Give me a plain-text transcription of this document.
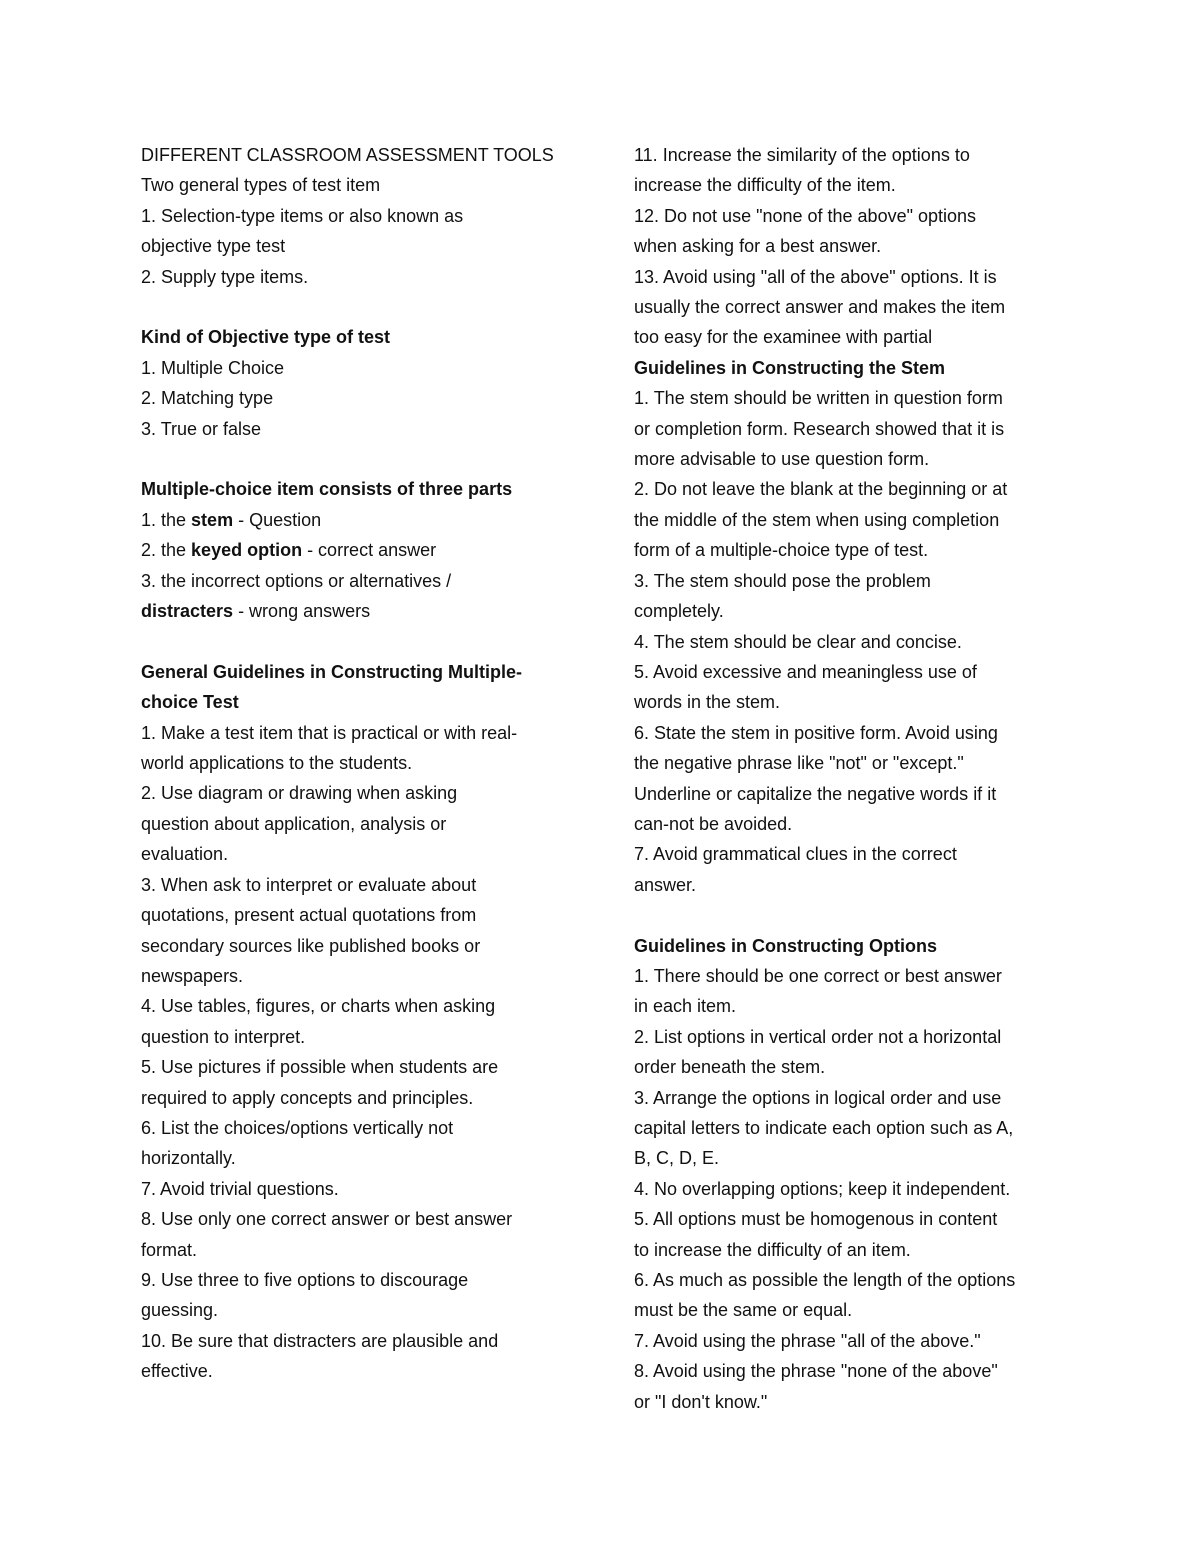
DIFFERENT CLASSROOM ASSESSMENT TOOLS
Two general types of test item
1. Selection-type items or also known as
objective type test
2. Supply type items.
Kind of Objective type of test
1. Multiple Choice
2. Matching type
3. True or false
Multiple-choice item consists of three parts
1. the stem - Question
2. the keyed option - correct answer
3. the incorrect options or alternatives /
distracters - wrong answers
General Guidelines in Constructing Multiple-
choice Test
1. Make a test item that is practical or with real-
world applications to the students.
2. Use diagram or drawing when asking
question about application, analysis or
evaluation.
3. When ask to interpret or evaluate about
quotations, present actual quotations from
secondary sources like published books or
newspapers.
4. Use tables, figures, or charts when asking
question to interpret.
5. Use pictures if possible when students are
required to apply concepts and principles.
6. List the choices/options vertically not
horizontally.
7. Avoid trivial questions.
8. Use only one correct answer or best answer
format.
9. Use three to five options to discourage
guessing.
10. Be sure that distracters are plausible and
effective.
11. Increase the similarity of the options to
increase the difficulty of the item.
12. Do not use "none of the above" options
when asking for a best answer.
13. Avoid using "all of the above" options. It is
usually the correct answer and makes the item
too easy for the examinee with partial
Guidelines in Constructing the Stem
1. The stem should be written in question form
or completion form. Research showed that it is
more advisable to use question form.
2. Do not leave the blank at the beginning or at
the middle of the stem when using completion
form of a multiple-choice type of test.
3. The stem should pose the problem
completely.
4. The stem should be clear and concise.
5. Avoid excessive and meaningless use of
words in the stem.
6. State the stem in positive form. Avoid using
the negative phrase like "not" or "except."
Underline or capitalize the negative words if it
can-not be avoided.
7. Avoid grammatical clues in the correct
answer.
Guidelines in Constructing Options
1. There should be one correct or best answer
in each item.
2. List options in vertical order not a horizontal
order beneath the stem.
3. Arrange the options in logical order and use
capital letters to indicate each option such as A,
B, C, D, E.
4. No overlapping options; keep it independent.
5. All options must be homogenous in content
to increase the difficulty of an item.
6. As much as possible the length of the options
must be the same or equal.
7. Avoid using the phrase "all of the above."
8. Avoid using the phrase "none of the above"
or "I don't know."
